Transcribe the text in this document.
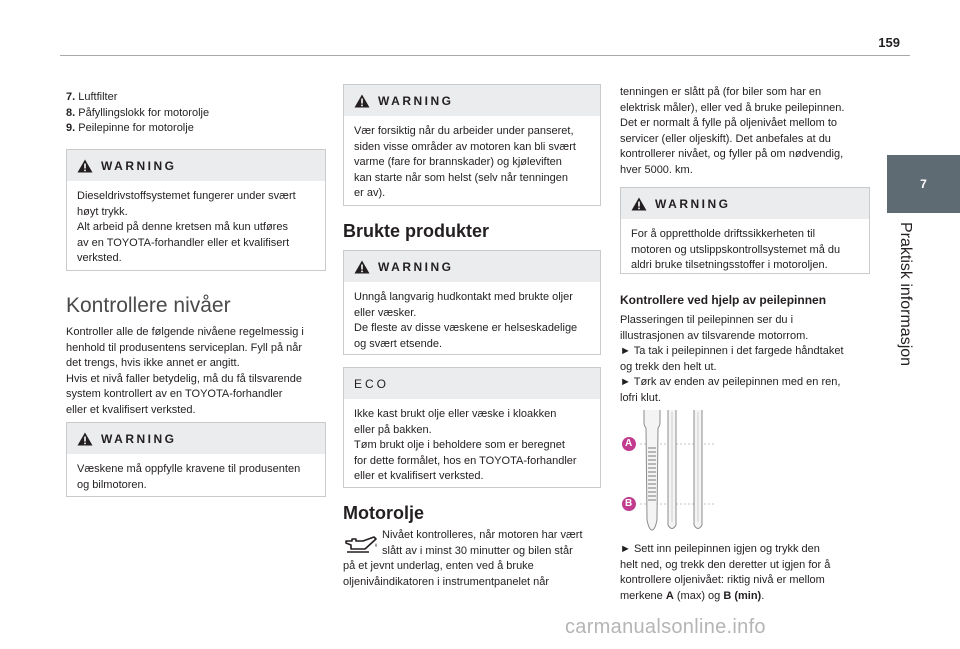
159
7
Praktisk informasjon
7. Luftfilter
8. Påfyllingslokk for motorolje
9. Peilepinne for motorolje
WARNING
Dieseldrivstoffsystemet fungerer under svært
høyt trykk.
Alt arbeid på denne kretsen må kun utføres
av en TOYOTA-forhandler eller et kvalifisert
verksted.
Kontrollere nivåer
Kontroller alle de følgende nivåene regelmessig i
henhold til produsentens serviceplan. Fyll på når
det trengs, hvis ikke annet er angitt.
Hvis et nivå faller betydelig, må du få tilsvarende
system kontrollert av en TOYOTA-forhandler
eller et kvalifisert verksted.
WARNING
Væskene må oppfylle kravene til produsenten
og bilmotoren.
WARNING
Vær forsiktig når du arbeider under panseret,
siden visse områder av motoren kan bli svært
varme (fare for brannskader) og kjøleviften
kan starte når som helst (selv når tenningen
er av).
Brukte produkter
WARNING
Unngå langvarig hudkontakt med brukte oljer
eller væsker.
De fleste av disse væskene er helseskadelige
og svært etsende.
ECO
Ikke kast brukt olje eller væske i kloakken
eller på bakken.
Tøm brukt olje i beholdere som er beregnet
for dette formålet, hos en TOYOTA-forhandler
eller et kvalifisert verksted.
Motorolje
Nivået kontrolleres, når motoren har vært
slått av i minst 30 minutter og bilen står
på et jevnt underlag, enten ved å bruke
oljenivåindikatoren i instrumentpanelet når
tenningen er slått på (for biler som har en
elektrisk måler), eller ved å bruke peilepinnen.
Det er normalt å fylle på oljenivået mellom to
servicer (eller oljeskift). Det anbefales at du
kontrollerer nivået, og fyller på om nødvendig,
hver 5000. km.
WARNING
For å opprettholde driftssikkerheten til
motoren og utslippskontrollsystemet må du
aldri bruke tilsetningsstoffer i motoroljen.
Kontrollere ved hjelp av peilepinnen
Plasseringen til peilepinnen ser du i
illustrasjonen av tilsvarende motorrom.
► Ta tak i peilepinnen i det fargede håndtaket
og trekk den helt ut.
► Tørk av enden av peilepinnen med en ren,
lofri klut.
A
B
► Sett inn peilepinnen igjen og trykk den
helt ned, og trekk den deretter ut igjen for å
kontrollere oljenivået: riktig nivå er mellom
merkene A (max) og B (min).
carmanualsonline.info
